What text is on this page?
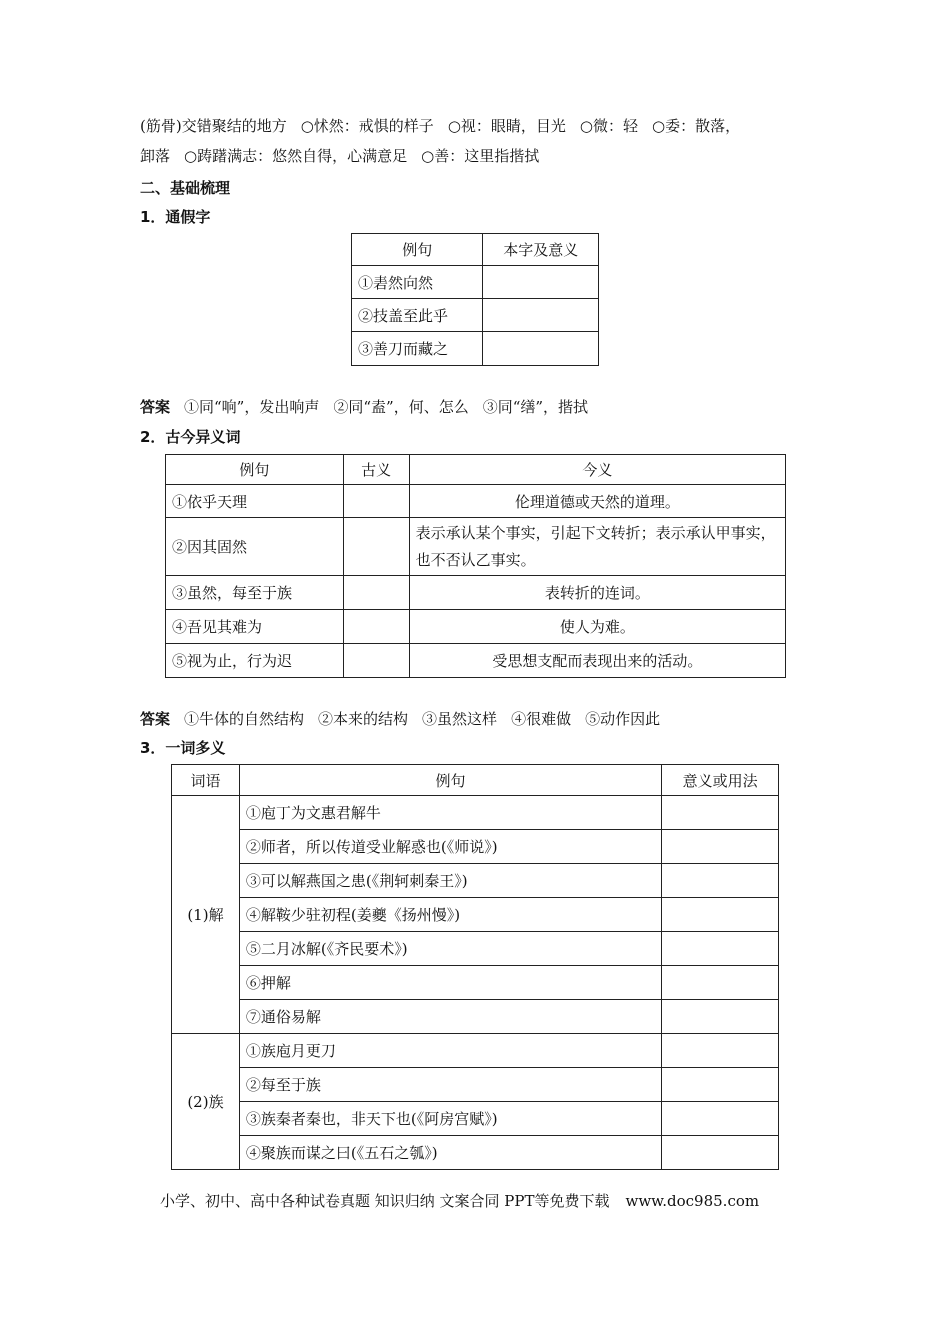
(筋骨)交错聚结的地方 ○怵然：戒惧的样子 ○视：眼睛，目光 ○微：轻 ○委：散落，
卸落 ○踌躇满志：悠然自得，心满意足 ○善：这里指揩拭
二、基础梳理
1．通假字
例句	本字及意义
①砉然向然	
②技盖至此乎	
③善刀而藏之	
答案 ①同“响”，发出响声 ②同“盍”，何、怎么 ③同“缮”，揩拭
2．古今异义词
例句	古义	今义
①依乎天理		伦理道德或天然的道理。
②因其固然		表示承认某个事实，引起下文转折；表示承认甲事实，也不否认乙事实。
③虽然，每至于族		表转折的连词。
④吾见其难为		使人为难。
⑤视为止，行为迟		受思想支配而表现出来的活动。
答案 ①牛体的自然结构 ②本来的结构 ③虽然这样 ④很难做 ⑤动作因此
3．一词多义
词语	例句	意义或用法
(1)解	①庖丁为文惠君解牛	
	②师者，所以传道受业解惑也(《师说》)	
	③可以解燕国之患(《荆轲刺秦王》)	
	④解鞍少驻初程(姜夔《扬州慢》)	
	⑤二月冰解(《齐民要术》)	
	⑥押解	
	⑦通俗易解	
(2)族	①族庖月更刀	
	②每至于族	
	③族秦者秦也，非天下也(《阿房宫赋》)	
	④聚族而谋之曰(《五石之瓠》)	
小学、初中、高中各种试卷真题 知识归纳 文案合同 PPT等免费下载 www.doc985.com
